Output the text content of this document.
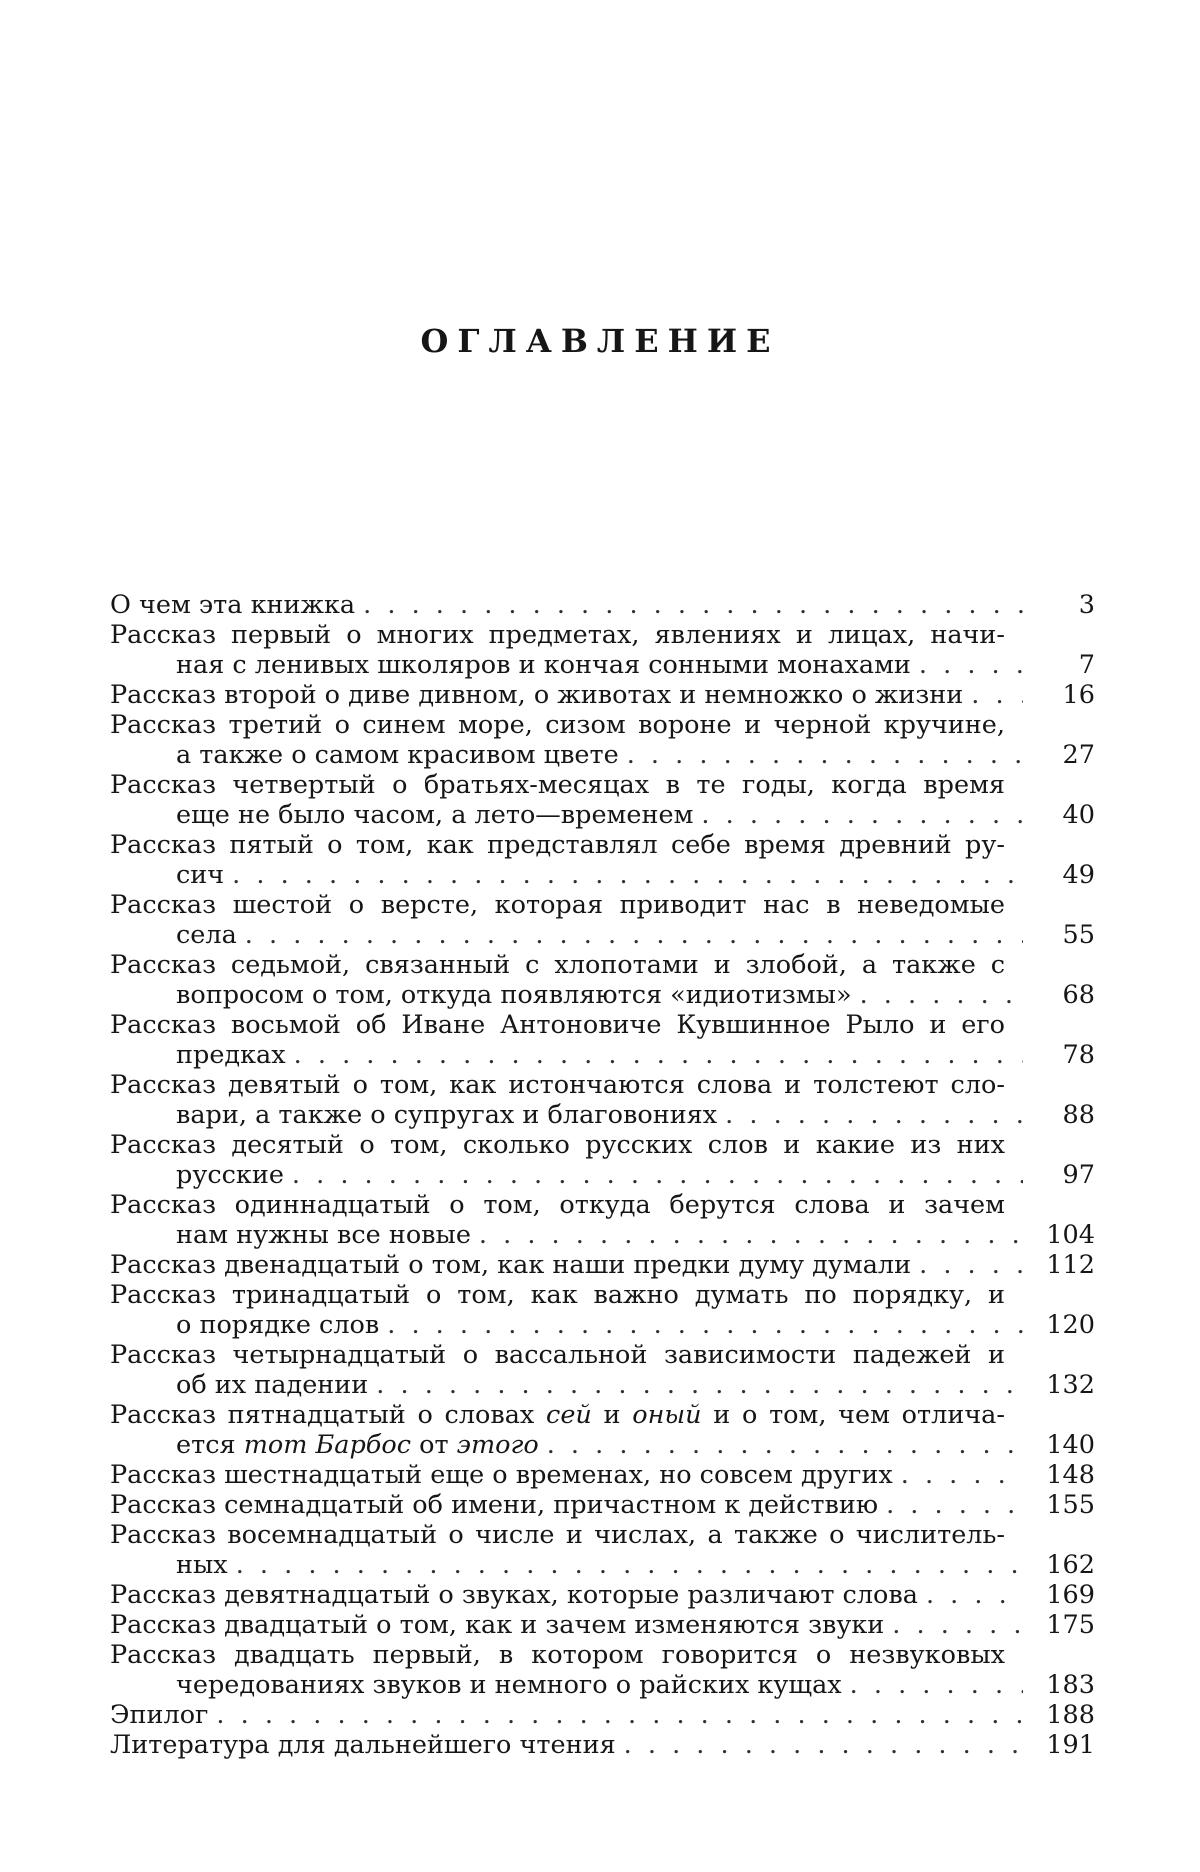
ОГЛАВЛЕНИЕ
О чем эта книжка
. . .	3
Рассказ первый о многих предметах, явлениях и лицах, начи-
ная с ленивых школяров и кончая сонными монахами
. . .	7
Рассказ второй о диве дивном, о животах и немножко о жизни
. . .	16
Рассказ третий о синем море, сизом вороне и черной кручине,
а также о самом красивом цвете
. . .	27
Рассказ четвертый о братьях-месяцах в те годы, когда время
еще не было часом, а лето—временем
. . .	40
Рассказ пятый о том, как представлял себе время древний ру-
сич
. . .	49
Рассказ шестой о версте, которая приводит нас в неведомые
села
. . .	55
Рассказ седьмой, связанный с хлопотами и злобой, а также с
вопросом о том, откуда появляются «идиотизмы»
. . .	68
Рассказ восьмой об Иване Антоновиче Кувшинное Рыло и его
предках
. . .	78
Рассказ девятый о том, как истончаются слова и толстеют сло-
вари, а также о супругах и благовониях
. . .	88
Рассказ десятый о том, сколько русских слов и какие из них
русские
. . .	97
Рассказ одиннадцатый о том, откуда берутся слова и зачем
нам нужны все новые
. . .	104
Рассказ двенадцатый о том, как наши предки думу думали
. . .	112
Рассказ тринадцатый о том, как важно думать по порядку, и
о порядке слов
. . .	120
Рассказ четырнадцатый о вассальной зависимости падежей и
об их падении
. . .	132
Рассказ пятнадцатый о словах сей и оный и о том, чем отлича-
ется тот Барбос от этого
. . .	140
Рассказ шестнадцатый еще о временах, но совсем других
. . .	148
Рассказ семнадцатый об имени, причастном к действию
. . .	155
Рассказ восемнадцатый о числе и числах, а также о числитель-
ных
. . .	162
Рассказ девятнадцатый о звуках, которые различают слова
. . .	169
Рассказ двадцатый о том, как и зачем изменяются звуки
. . .	175
Рассказ двадцать первый, в котором говорится о незвуковых
чередованиях звуков и немного о райских кущах
. . .	183
Эпилог
. . .	188
Литература для дальнейшего чтения
. . .	191
